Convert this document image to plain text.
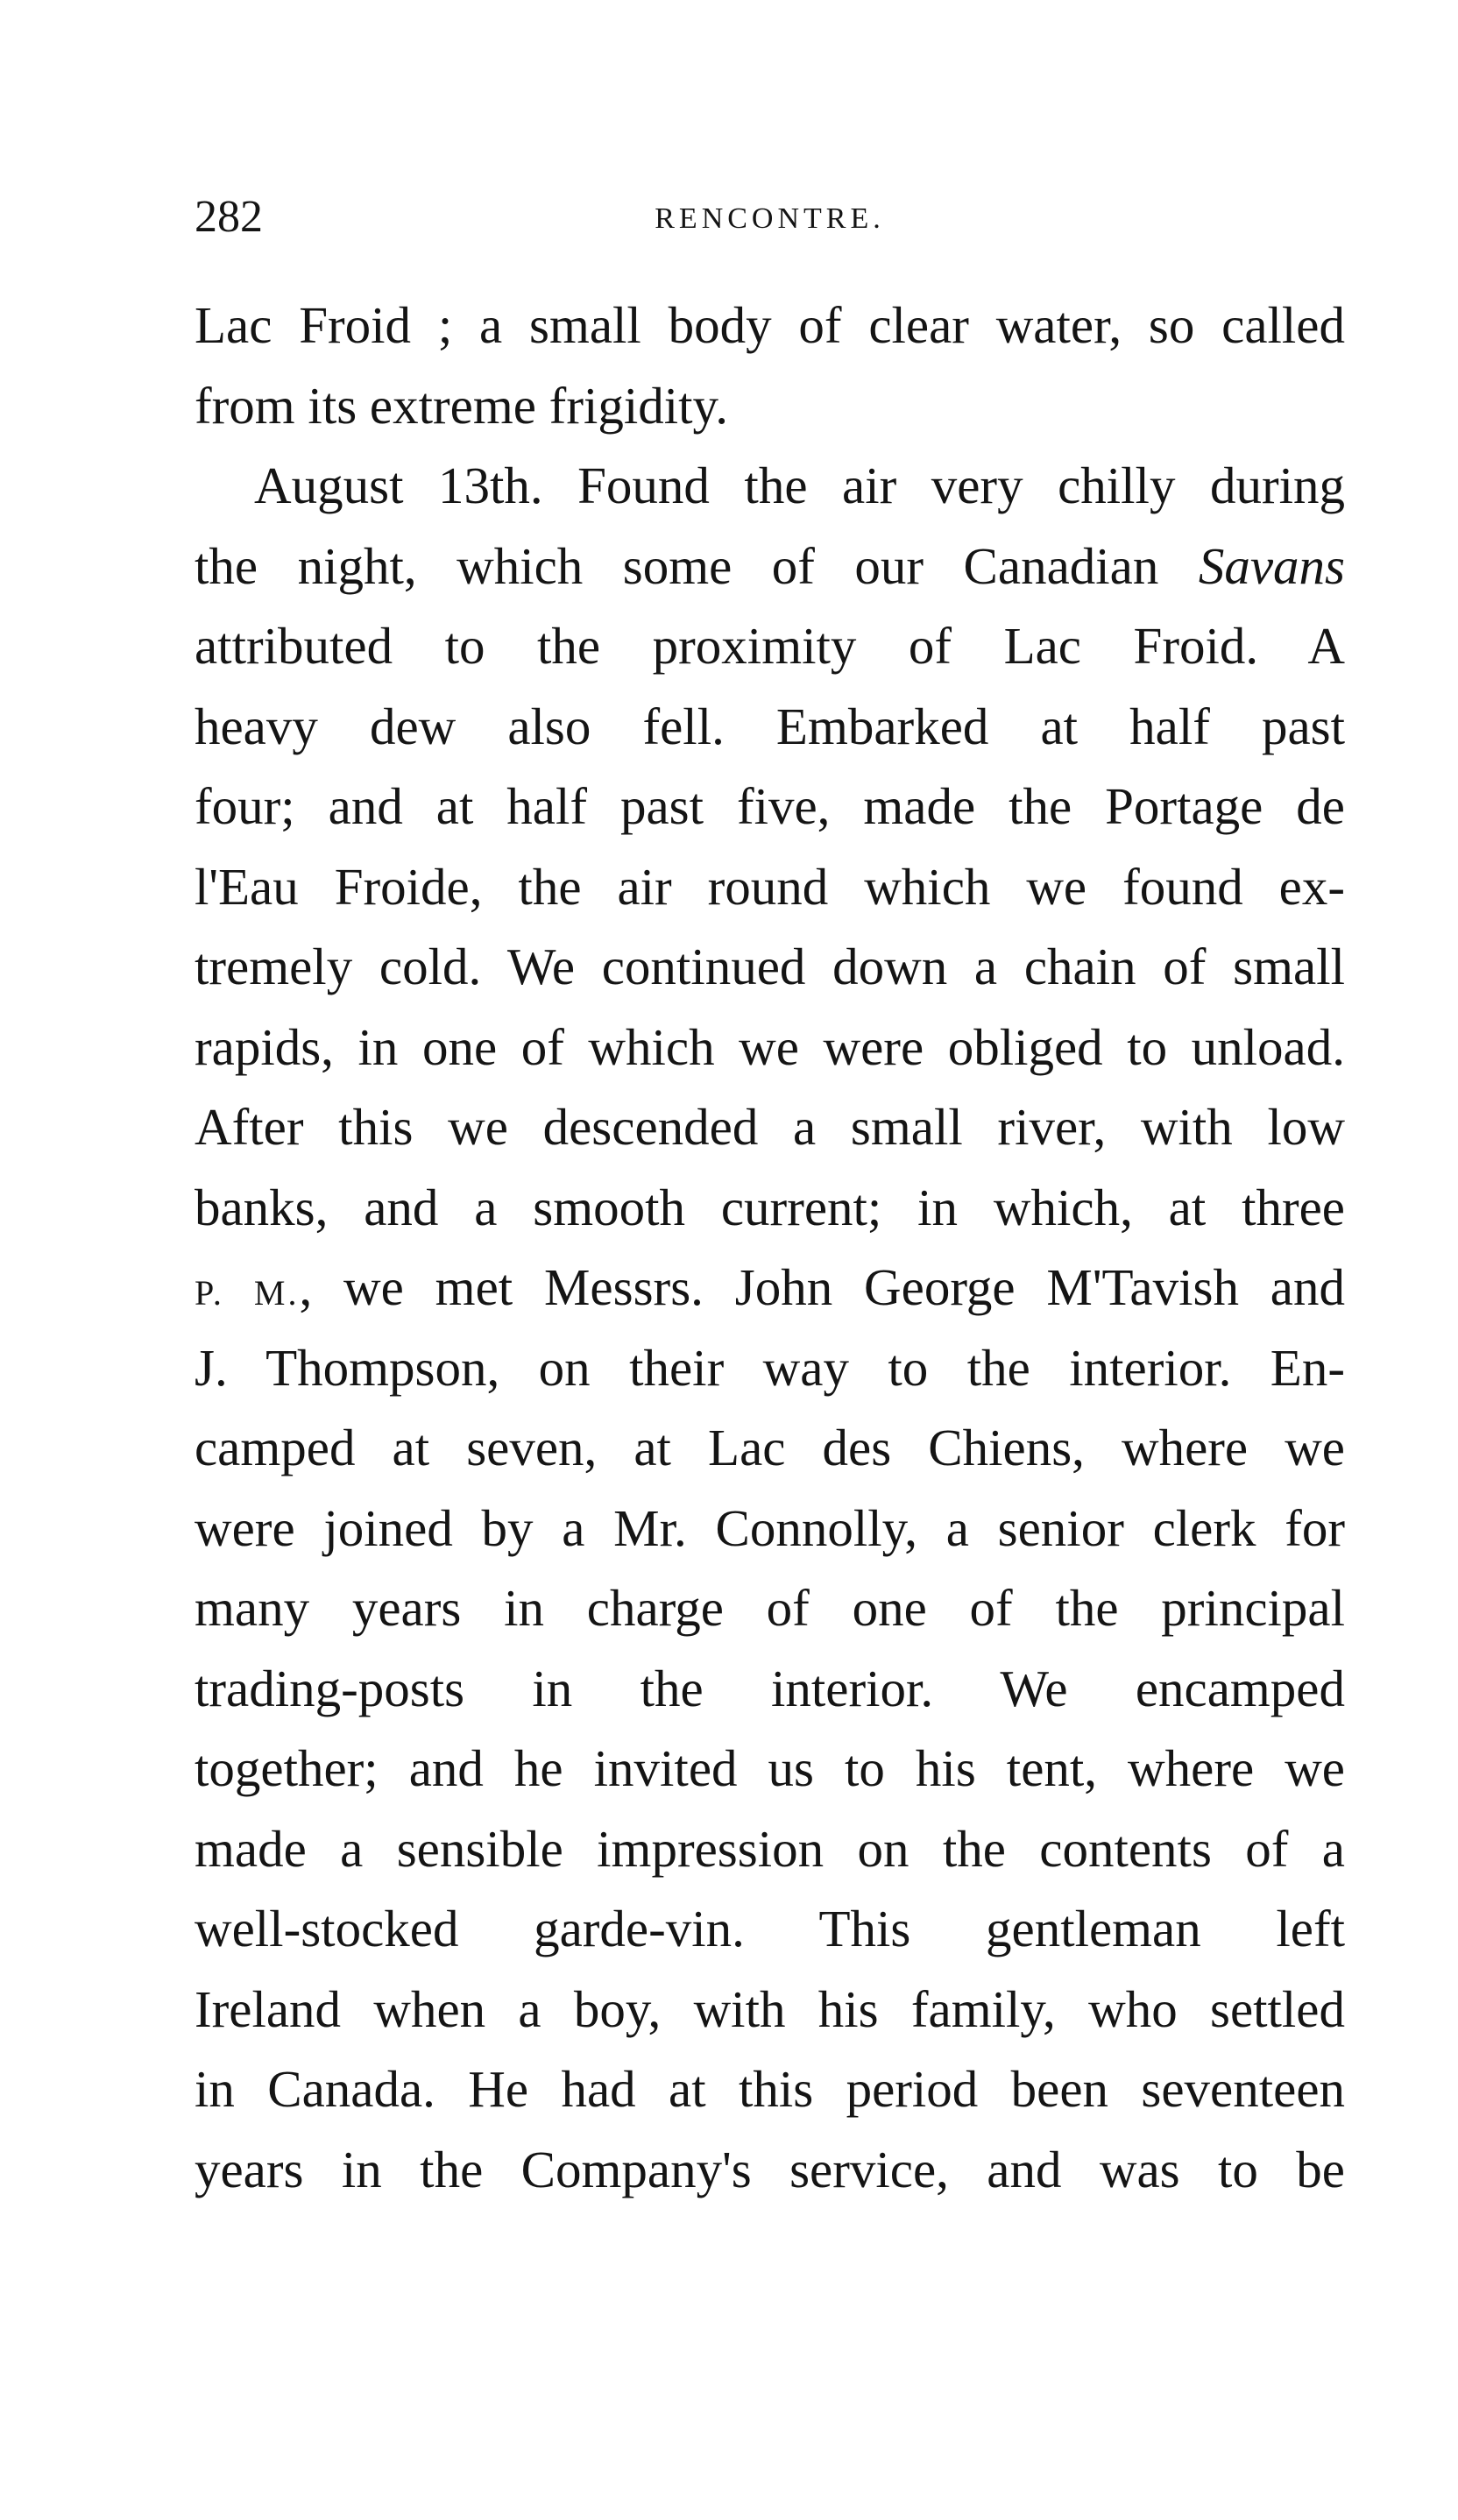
282	RENCONTRE.
Lac Froid ; a small body of clear water, so called
from its extreme frigidity.
August 13th. Found the air very chilly during
the night, which some of our Canadian Savans
attributed to the proximity of Lac Froid. A
heavy dew also fell. Embarked at half past
four; and at half past five, made the Portage de
l'Eau Froide, the air round which we found ex-
tremely cold. We continued down a chain of small
rapids, in one of which we were obliged to unload.
After this we descended a small river, with low
banks, and a smooth current; in which, at three
P. M., we met Messrs. John George M'Tavish and
J. Thompson, on their way to the interior. En-
camped at seven, at Lac des Chiens, where we
were joined by a Mr. Connolly, a senior clerk for
many years in charge of one of the principal
trading-posts in the interior. We encamped
together; and he invited us to his tent, where we
made a sensible impression on the contents of a
well-stocked garde-vin. This gentleman left
Ireland when a boy, with his family, who settled
in Canada. He had at this period been seventeen
years in the Company's service, and was to be
